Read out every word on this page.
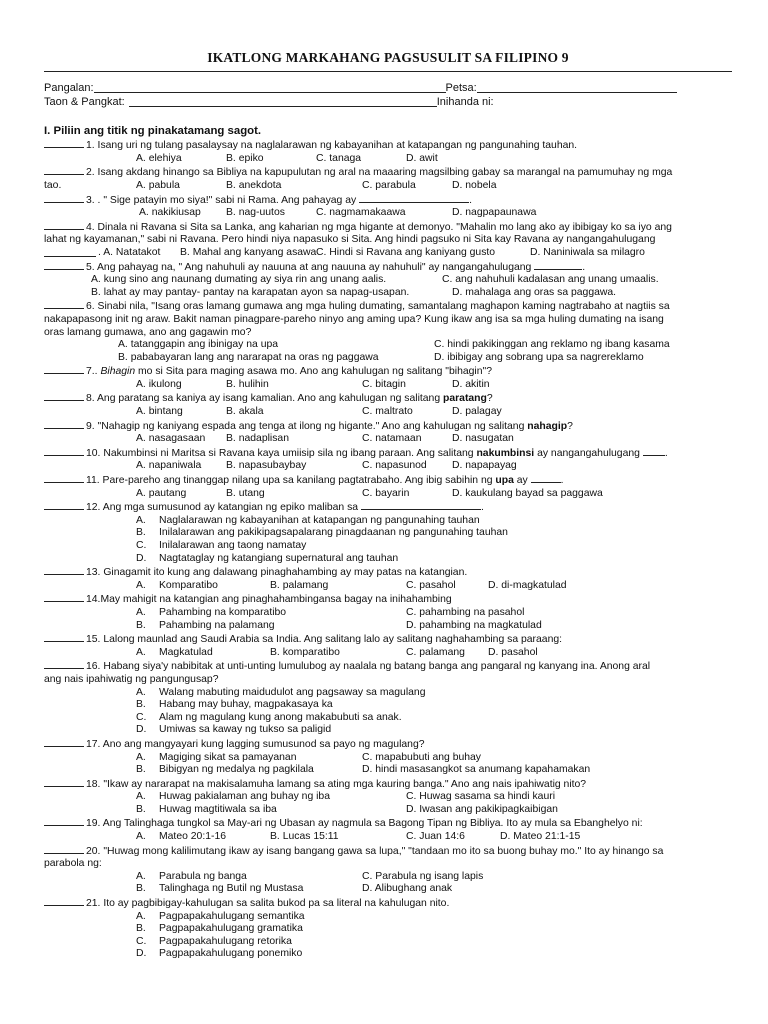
IKATLONG MARKAHANG PAGSUSULIT SA FILIPINO 9
Pangalan:	Petsa:
Taon & Pangkat:	Inihanda ni:
I. Piliin ang titik ng pinakatamang sagot.
1. Isang uri ng tulang pasalaysay na naglalarawan ng kabayanihan at katapangan ng pangunahing tauhan.
A. elehiya	B. epiko	C. tanaga	D. awit
2. Isang akdang hinango sa Bibliya na kapupulutan ng aral na maaaring magsilbing gabay sa marangal na pamumuhay ng mga
tao.	A. pabula	B. anekdota	C. parabula	D. nobela
3. . " Sige patayin mo siya!" sabi ni Rama. Ang pahayag ay	.
A. nakikiusap B. nag-uutos	C. nagmamakaawa	D. nagpapaunawa
4. Dinala ni Ravana si Sita sa Lanka, ang kaharian ng mga higante at demonyo. "Mahalin mo lang ako ay ibibigay ko sa iyo ang
lahat ng kayamanan," sabi ni Ravana. Pero hindi niya napasuko si Sita. Ang hindi pagsuko ni Sita kay Ravana ay nangangahulugang
. A. Natatakot B. Mahal ang kanyang asawa C. Hindi si Ravana ang kaniyang gusto	D. Naniniwala sa milagro
5. Ang pahayag na, " Ang nahuhuli ay nauuna at ang nauuna ay nahuhuli" ay nangangahulugang	.
A. kung sino ang naunang dumating ay siya rin ang unang aalis.	C. ang nahuhuli kadalasan ang unang umaalis.
B. lahat ay may pantay- pantay na karapatan ayon sa napag-usapan.	D. mahalaga ang oras sa paggawa.
6. Sinabi nila, "Isang oras lamang gumawa ang mga huling dumating, samantalang maghapon kaming nagtrabaho at nagtiis sa
nakapapasong init ng araw. Bakit naman pinagpare-pareho ninyo ang aming upa? Kung ikaw ang isa sa mga huling dumating na isang
oras lamang gumawa, ano ang gagawin mo?
A. tatanggapin ang ibinigay na upa	C. hindi pakikinggan ang reklamo ng ibang kasama
B. pababayaran lang ang nararapat na oras ng paggawa	D. ibibigay ang sobrang upa sa nagrereklamo
7.. Bihagin mo si Sita para maging asawa mo. Ano ang kahulugan ng salitang "bihagin"?
A. ikulong	B. hulihin	C. bitagin	D. akitin
8. Ang paratang sa kaniya ay isang kamalian. Ano ang kahulugan ng salitang paratang?
A. bintang	B. akala	C. maltrato	D. palagay
9. "Nahagip ng kaniyang espada ang tenga at ilong ng higante." Ano ang kahulugan ng salitang nahagip?
A. nasagasaan B. nadaplisan	C. natamaan	D. nasugatan
10. Nakumbinsi ni Maritsa si Ravana kaya umiisip sila ng ibang paraan. Ang salitang nakumbinsi ay nangangahulugang .
A. napaniwala B. napasubaybay	C. napasunod D. napapayag
11. Pare-pareho ang tinanggap nilang upa sa kanilang pagtatrabaho. Ang ibig sabihin ng upa ay	.
A. pautang	B. utang	C. bayarin	D. kaukulang bayad sa paggawa
12. Ang mga sumusunod ay katangian ng epiko maliban sa	.
A. Naglalarawan ng kabayanihan at katapangan ng pangunahing tauhan
B. Inilalarawan ang pakikipagsapalarang pinagdaanan ng pangunahing tauhan
C. Inilalarawan ang taong namatay
D. Nagtataglay ng katangiang supernatural ang tauhan
13. Ginagamit ito kung ang dalawang pinaghahambing ay may patas na katangian.
A. Komparatibo	B. palamang	C. pasahol	D. di-magkatulad
14.May mahigit na katangian ang pinaghahambingansa bagay na inihahambing
A. Pahambing na komparatibo	C. pahambing na pasahol
B. Pahambing na palamang	D. pahambing na magkatulad
15. Lalong maunlad ang Saudi Arabia sa India. Ang salitang lalo ay salitang naghahambing sa paraang:
A. Magkatulad	B. komparatibo	C. palamang D. pasahol
16. Habang siya'y nabibitak at unti-unting lumulubog ay naalala ng batang banga ang pangaral ng kanyang ina. Anong aral
ang nais ipahiwatig ng pangungusap?
A. Walang mabuting maidudulot ang pagsaway sa magulang
B. Habang may buhay, magpakasaya ka
C. Alam ng magulang kung anong makabubuti sa anak.
D. Umiwas sa kaway ng tukso sa paligid
17. Ano ang mangyayari kung lagging sumusunod sa payo ng magulang?
A. Magiging sikat sa pamayanan	C. mapabubuti ang buhay
B. Bibigyan ng medalya ng pagkilala	D. hindi masasangkot sa anumang kapahamakan
18. "Ikaw ay nararapat na makisalamuha lamang sa ating mga kauring banga." Ano ang nais ipahiwatig nito?
A. Huwag pakialaman ang buhay ng iba	C. Huwag sasama sa hindi kauri
B. Huwag magtitiwala sa iba	D. Iwasan ang pakikipagkaibigan
19. Ang Talinghaga tungkol sa May-ari ng Ubasan ay nagmula sa Bagong Tipan ng Bibliya. Ito ay mula sa Ebanghelyo ni:
A. Mateo 20:1-16	B. Lucas 15:11	C. Juan 14:6	D. Mateo 21:1-15
20. "Huwag mong kalilimutang ikaw ay isang bangang gawa sa lupa," "tandaan mo ito sa buong buhay mo." Ito ay hinango sa
parabola ng:
A. Parabula ng banga	C. Parabula ng isang lapis
B. Talinghaga ng Butil ng Mustasa	D. Alibughang anak
21. Ito ay pagbibigay-kahulugan sa salita bukod pa sa literal na kahulugan nito.
A. Pagpapakahulugang semantika
B. Pagpapakahulugang gramatika
C. Pagpapakahulugang retorika
D. Pagpapakahulugang ponemiko
